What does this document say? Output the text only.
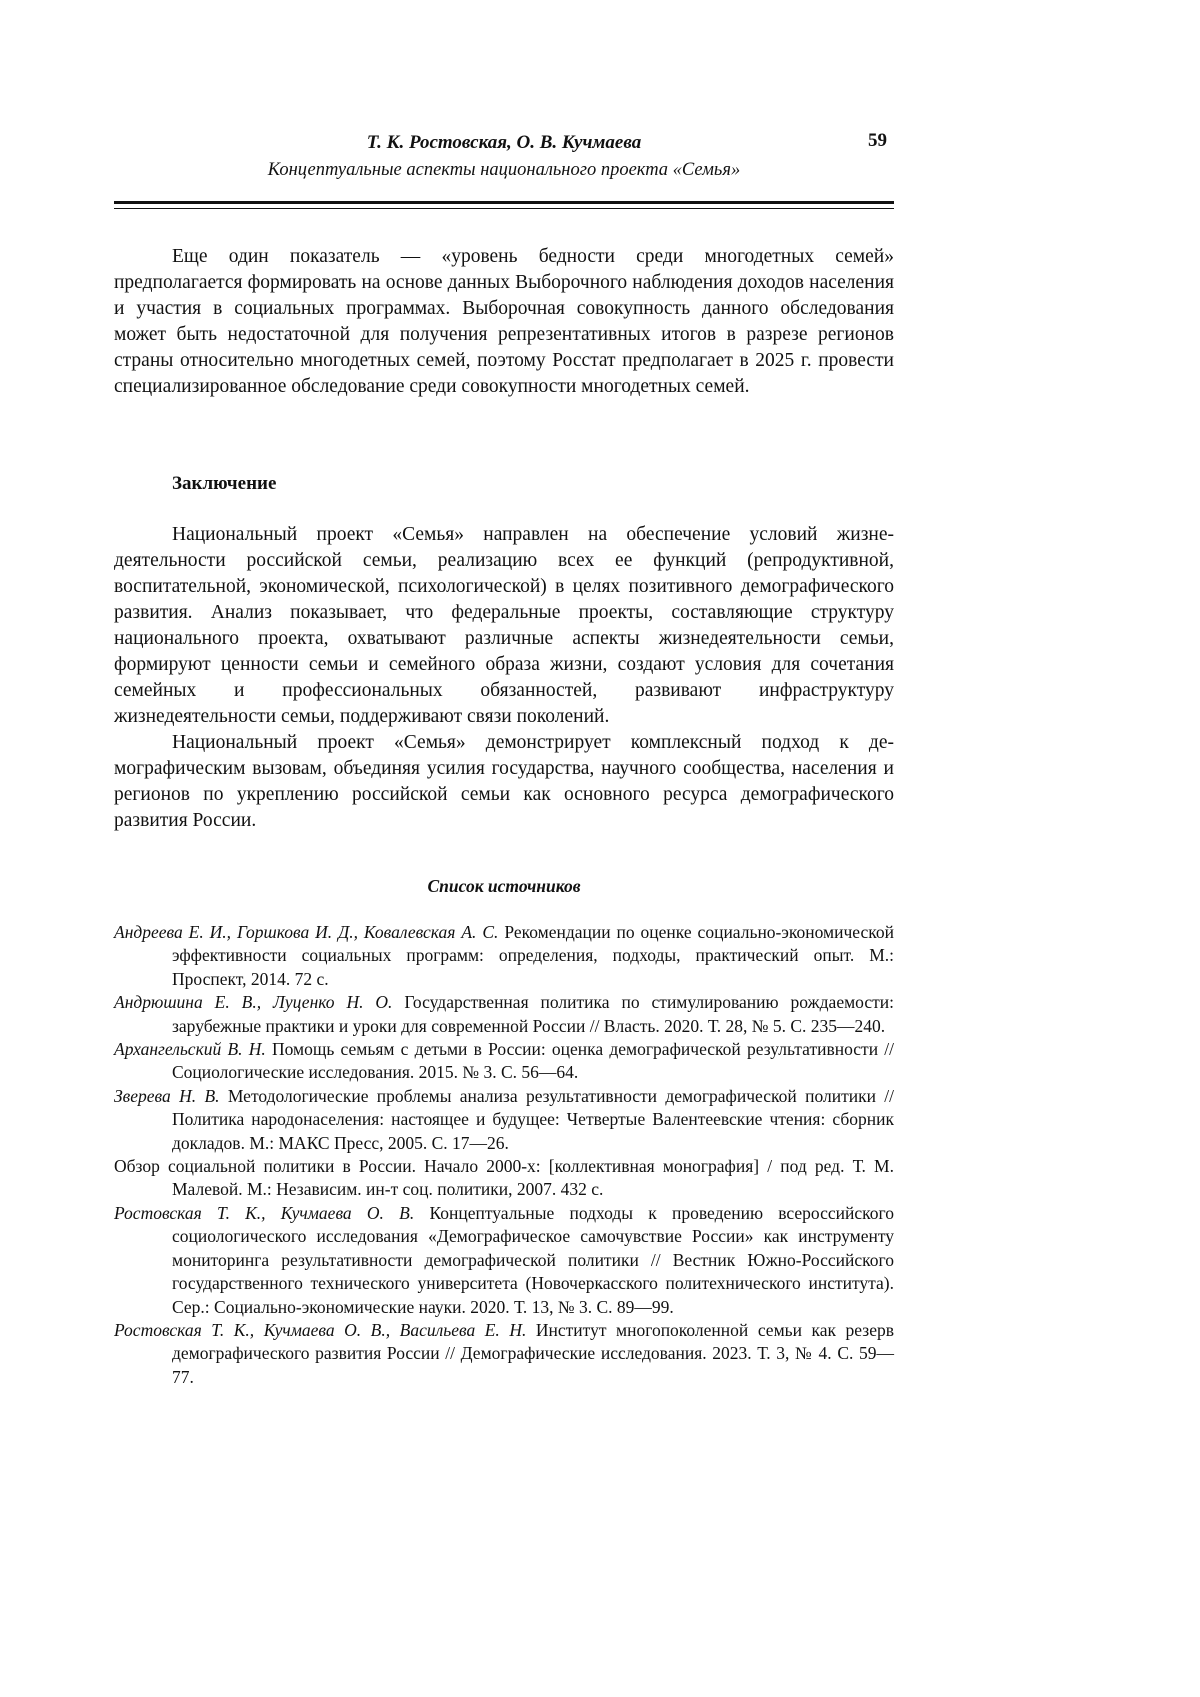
Т. К. Ростовская, О. В. Кучмаева
Концептуальные аспекты национального проекта «Семья»
59

Еще один показатель — «уровень бедности среди многодетных семей» предполагается формировать на основе данных Выборочного наблюдения доходов населения и участия в социальных программах. Выборочная совокупность данного обследования может быть недостаточной для получения репрезентативных итогов в разрезе регионов страны относительно многодетных семей, поэтому Росстат предполагает в 2025 г. провести специализированное обследование среди совокупности многодетных семей.

Заключение

Национальный проект «Семья» направлен на обеспечение условий жизнедеятельности российской семьи, реализацию всех ее функций (репродуктивной, воспитательной, экономической, психологической) в целях позитивного демографического развития. Анализ показывает, что федеральные проекты, составляющие структуру национального проекта, охватывают различные аспекты жизнедеятельности семьи, формируют ценности семьи и семейного образа жизни, создают условия для сочетания семейных и профессиональных обязанностей, развивают инфраструктуру жизнедеятельности семьи, поддерживают связи поколений.

Национальный проект «Семья» демонстрирует комплексный подход к демографическим вызовам, объединяя усилия государства, научного сообщества, населения и регионов по укреплению российской семьи как основного ресурса демографического развития России.

Список источников

Андреева Е. И., Горшкова И. Д., Ковалевская А. С. Рекомендации по оценке социально-экономической эффективности социальных программ: определения, подходы, практический опыт. М.: Проспект, 2014. 72 с.

Андрюшина Е. В., Луценко Н. О. Государственная политика по стимулированию рождаемости: зарубежные практики и уроки для современной России // Власть. 2020. Т. 28, № 5. С. 235—240.

Архангельский В. Н. Помощь семьям с детьми в России: оценка демографической результативности // Социологические исследования. 2015. № 3. С. 56—64.

Зверева Н. В. Методологические проблемы анализа результативности демографической политики // Политика народонаселения: настоящее и будущее: Четвертые Валентеевские чтения: сборник докладов. М.: МАКС Пресс, 2005. С. 17—26.

Обзор социальной политики в России. Начало 2000-х: [коллективная монография] / под ред. Т. М. Малевой. М.: Независим. ин-т соц. политики, 2007. 432 с.

Ростовская Т. К., Кучмаева О. В. Концептуальные подходы к проведению всероссийского социологического исследования «Демографическое самочувствие России» как инструменту мониторинга результативности демографической политики // Вестник Южно-Российского государственного технического университета (Новочеркасского политехнического института). Сер.: Социально-экономические науки. 2020. Т. 13, № 3. С. 89—99.

Ростовская Т. К., Кучмаева О. В., Васильева Е. Н. Институт многопоколенной семьи как резерв демографического развития России // Демографические исследования. 2023. Т. 3, № 4. С. 59—77.
